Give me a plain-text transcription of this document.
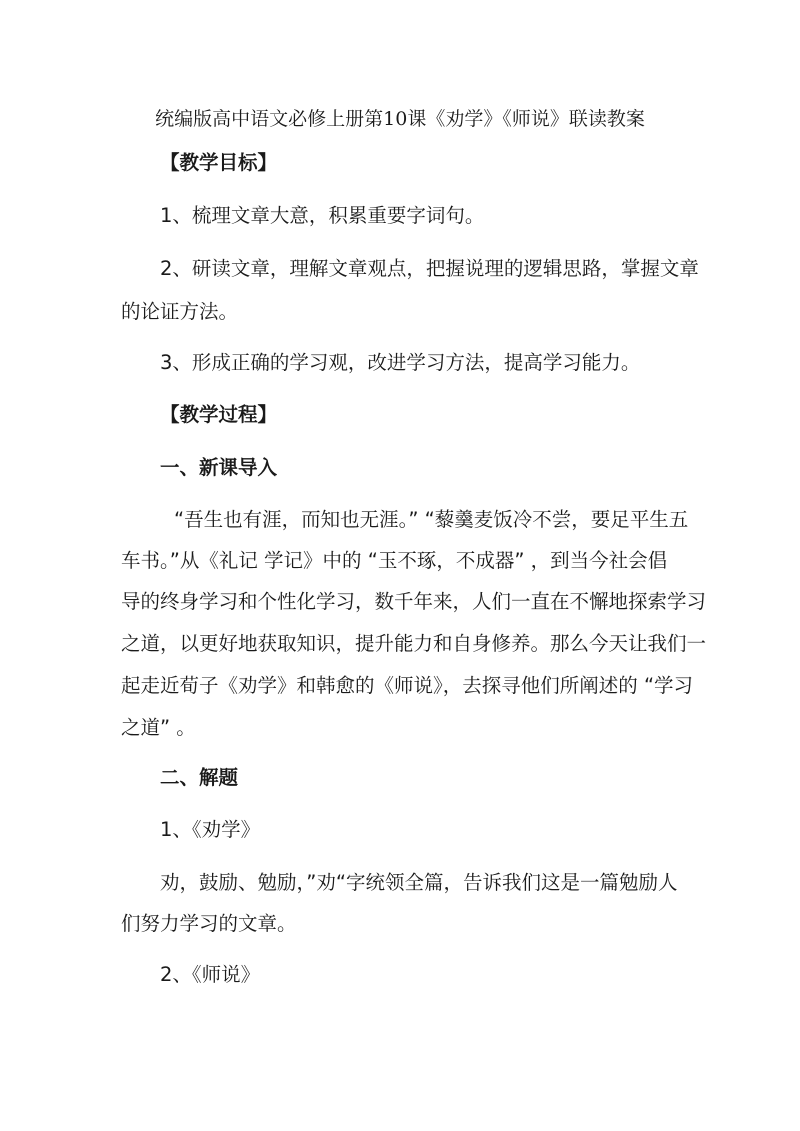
统编版高中语文必修上册第10课《劝学》《师说》联读教案
【教学目标】
1、梳理文章大意，积累重要字词句。
2、研读文章，理解文章观点，把握说理的逻辑思路，掌握文章
的论证方法。
3、形成正确的学习观，改进学习方法，提高学习能力。
【教学过程】
一、新课导入
“吾生也有涯，而知也无涯。” “藜羹麦饭冷不尝，要足平生五
车书。”从《礼记 学记》中的 “玉不琢，不成器” ，到当今社会倡
导的终身学习和个性化学习，数千年来，人们一直在不懈地探索学习
之道，以更好地获取知识，提升能力和自身修养。那么今天让我们一
起走近荀子《劝学》和韩愈的《师说》，去探寻他们所阐述的 “学习
之道” 。
二、解题
1、《劝学》
劝，鼓励、勉励，”劝“字统领全篇，告诉我们这是一篇勉励人
们努力学习的文章。
2、《师说》
